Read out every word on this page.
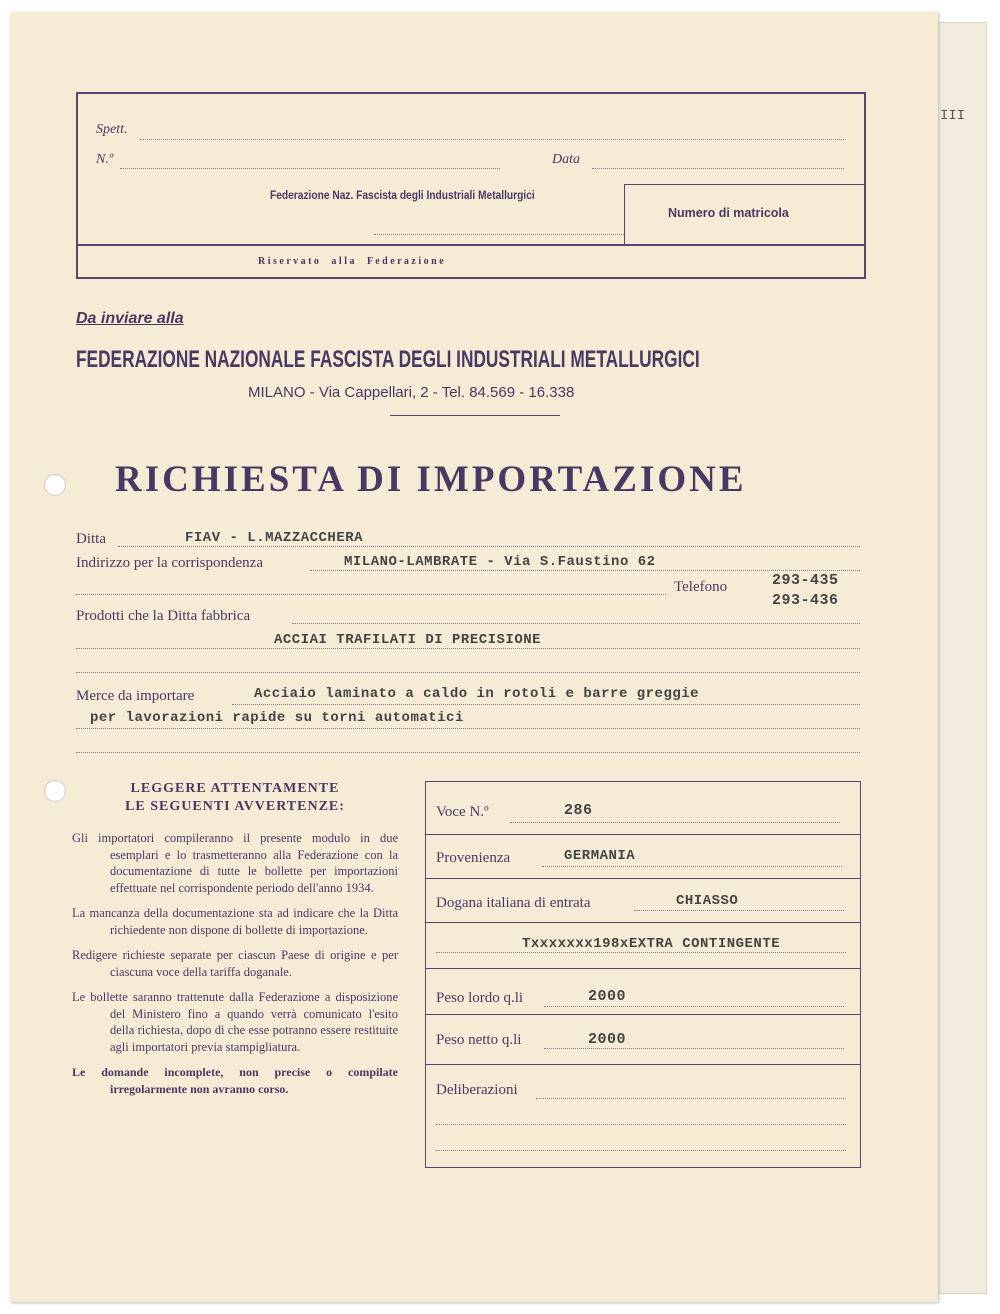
III
Spett.
N.º	Data
Federazione Naz. Fascista degli Industriali Metallurgici
Numero di matricola
R i s e r v a t o     a l l a     F e d e r a z i o n e
Da inviare alla
FEDERAZIONE NAZIONALE FASCISTA DEGLI INDUSTRIALI METALLURGICI
MILANO - Via Cappellari, 2 - Tel. 84.569 - 16.338
RICHIESTA DI IMPORTAZIONE
Ditta	FIAV - L.MAZZACCHERA
Indirizzo per la corrispondenza	MILANO-LAMBRATE - Via S.Faustino 62
Telefono	293-435
293-436
Prodotti che la Ditta fabbrica
ACCIAI TRAFILATI DI PRECISIONE
Merce da importare	Acciaio laminato a caldo in rotoli e barre greggie
per lavorazioni rapide su torni automatici
LEGGERE ATTENTAMENTE
LE SEGUENTI AVVERTENZE:

Gli importatori compileranno il presente modulo in due esemplari e lo trasmetteranno alla Federazione con la documentazione di tutte le bollette per importazioni effettuate nel corrispondente periodo dell'anno 1934.

La mancanza della documentazione sta ad indicare che la Ditta richiedente non dispone di bollette di importazione.

Redigere richieste separate per ciascun Paese di origine e per ciascuna voce della tariffa doganale.

Le bollette saranno trattenute dalla Federazione a disposizione del Ministero fino a quando verrà comunicato l'esito della richiesta, dopo di che esse potranno essere restituite agli importatori previa stampigliatura.

Le domande incomplete, non precise o compilate irregolarmente non avranno corso.

Voce N.º	286
Provenienza	GERMANIA
Dogana italiana di entrata	CHIASSO
Txxxxxxx198xEXTRA CONTINGENTE
Peso lordo q.li	2000
Peso netto q.li	2000
Deliberazioni
